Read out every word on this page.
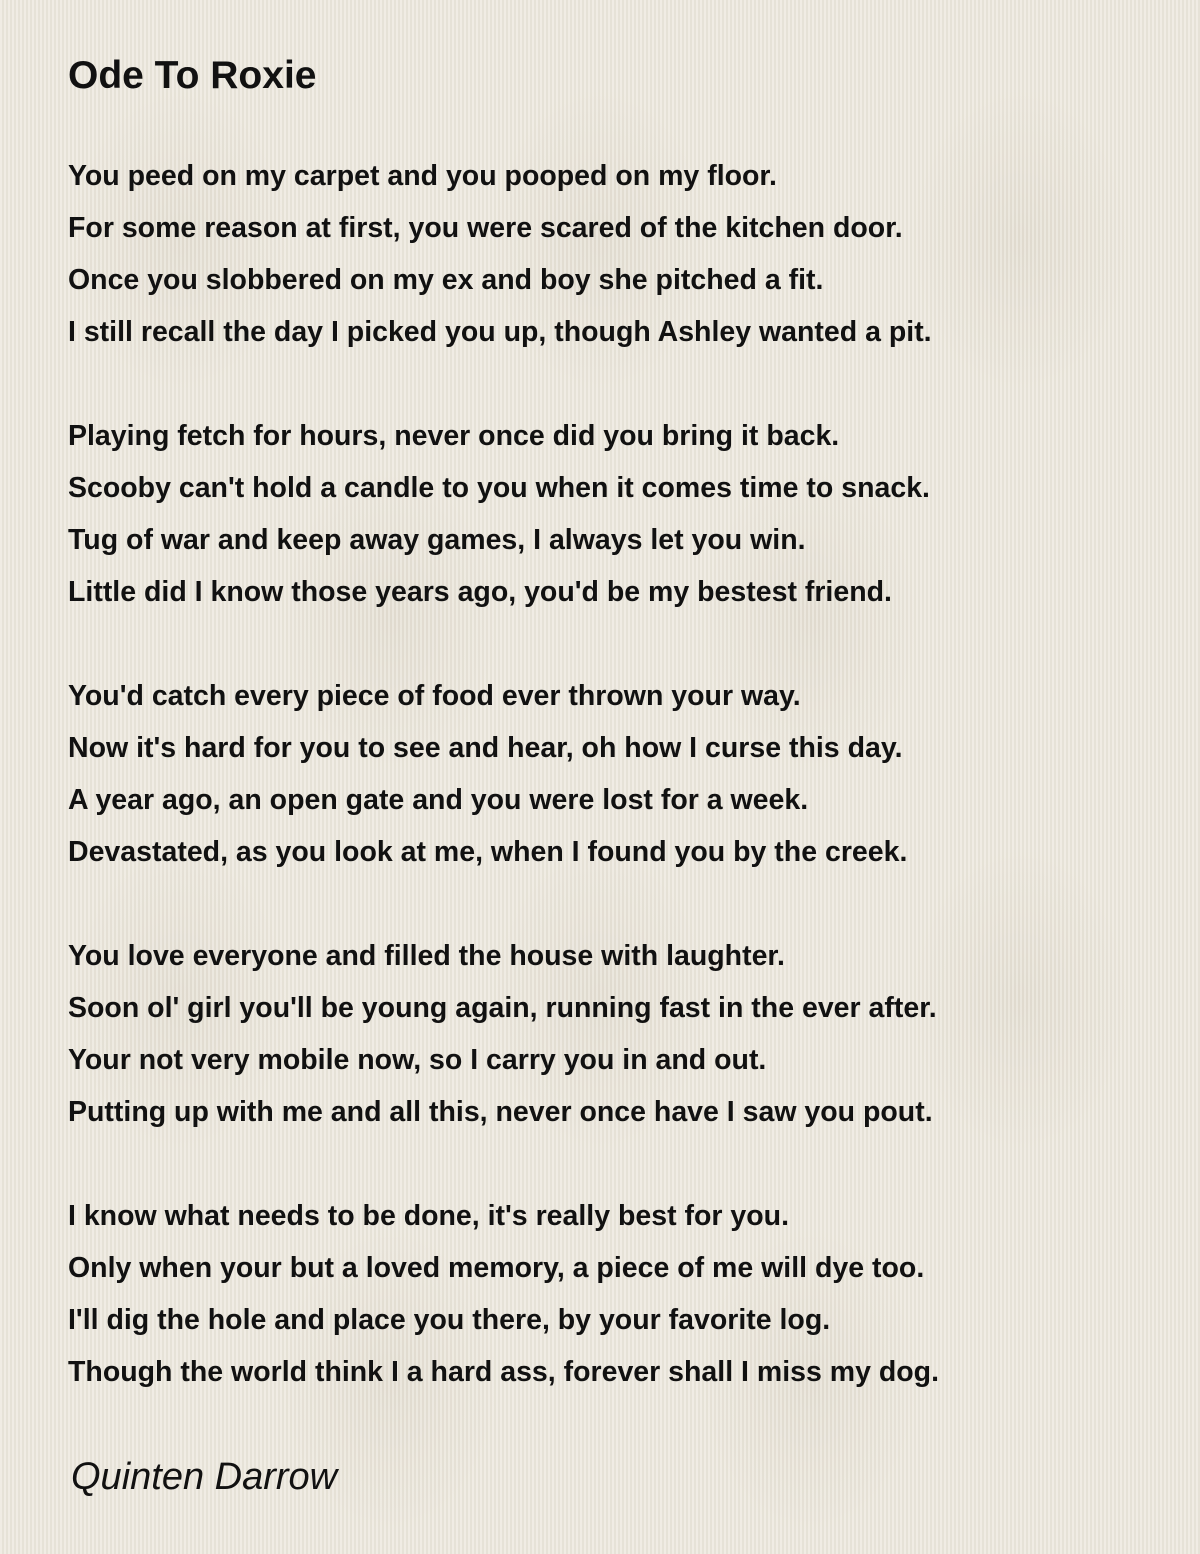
Ode To Roxie
You peed on my carpet and you pooped on my floor.
For some reason at first, you were scared of the kitchen door.
Once you slobbered on my ex and boy she pitched a fit.
I still recall the day I picked you up, though Ashley wanted a pit.
Playing fetch for hours, never once did you bring it back.
Scooby can't hold a candle to you when it comes time to snack.
Tug of war and keep away games, I always let you win.
Little did I know those years ago, you'd be my bestest friend.
You'd catch every piece of food ever thrown your way.
Now it's hard for you to see and hear, oh how I curse this day.
A year ago, an open gate and you were lost for a week.
Devastated, as you look at me, when I found you by the creek.
You love everyone and filled the house with laughter.
Soon ol' girl you'll be young again, running fast in the ever after.
Your not very mobile now, so I carry you in and out.
Putting up with me and all this, never once have I saw you pout.
I know what needs to be done, it's really best for you.
Only when your but a loved memory, a piece of me will dye too.
I'll dig the hole and place you there, by your favorite log.
Though the world think I a hard ass, forever shall I miss my dog.
Quinten Darrow
